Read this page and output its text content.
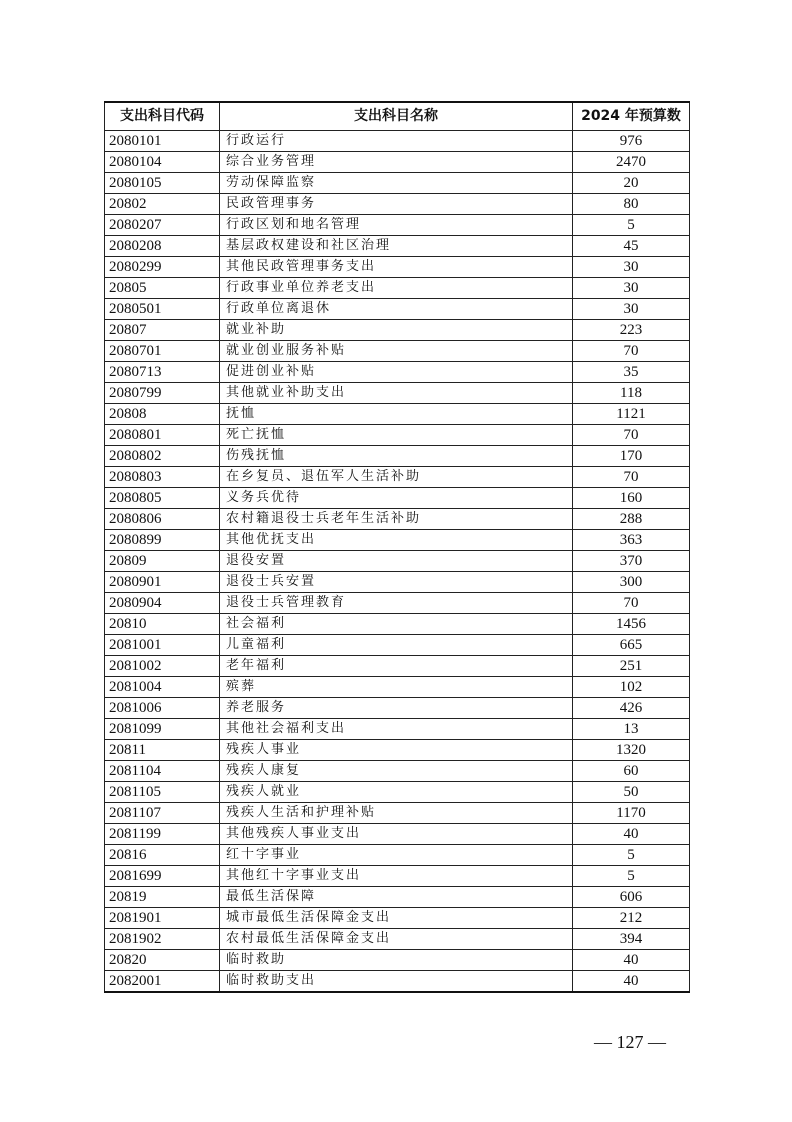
支出科目代码	支出科目名称	2024 年预算数
2080101	行政运行	976
2080104	综合业务管理	2470
2080105	劳动保障监察	20
20802	民政管理事务	80
2080207	行政区划和地名管理	5
2080208	基层政权建设和社区治理	45
2080299	其他民政管理事务支出	30
20805	行政事业单位养老支出	30
2080501	行政单位离退休	30
20807	就业补助	223
2080701	就业创业服务补贴	70
2080713	促进创业补贴	35
2080799	其他就业补助支出	118
20808	抚恤	1121
2080801	死亡抚恤	70
2080802	伤残抚恤	170
2080803	在乡复员、退伍军人生活补助	70
2080805	义务兵优待	160
2080806	农村籍退役士兵老年生活补助	288
2080899	其他优抚支出	363
20809	退役安置	370
2080901	退役士兵安置	300
2080904	退役士兵管理教育	70
20810	社会福利	1456
2081001	儿童福利	665
2081002	老年福利	251
2081004	殡葬	102
2081006	养老服务	426
2081099	其他社会福利支出	13
20811	残疾人事业	1320
2081104	残疾人康复	60
2081105	残疾人就业	50
2081107	残疾人生活和护理补贴	1170
2081199	其他残疾人事业支出	40
20816	红十字事业	5
2081699	其他红十字事业支出	5
20819	最低生活保障	606
2081901	城市最低生活保障金支出	212
2081902	农村最低生活保障金支出	394
20820	临时救助	40
2082001	临时救助支出	40
— 127 —
